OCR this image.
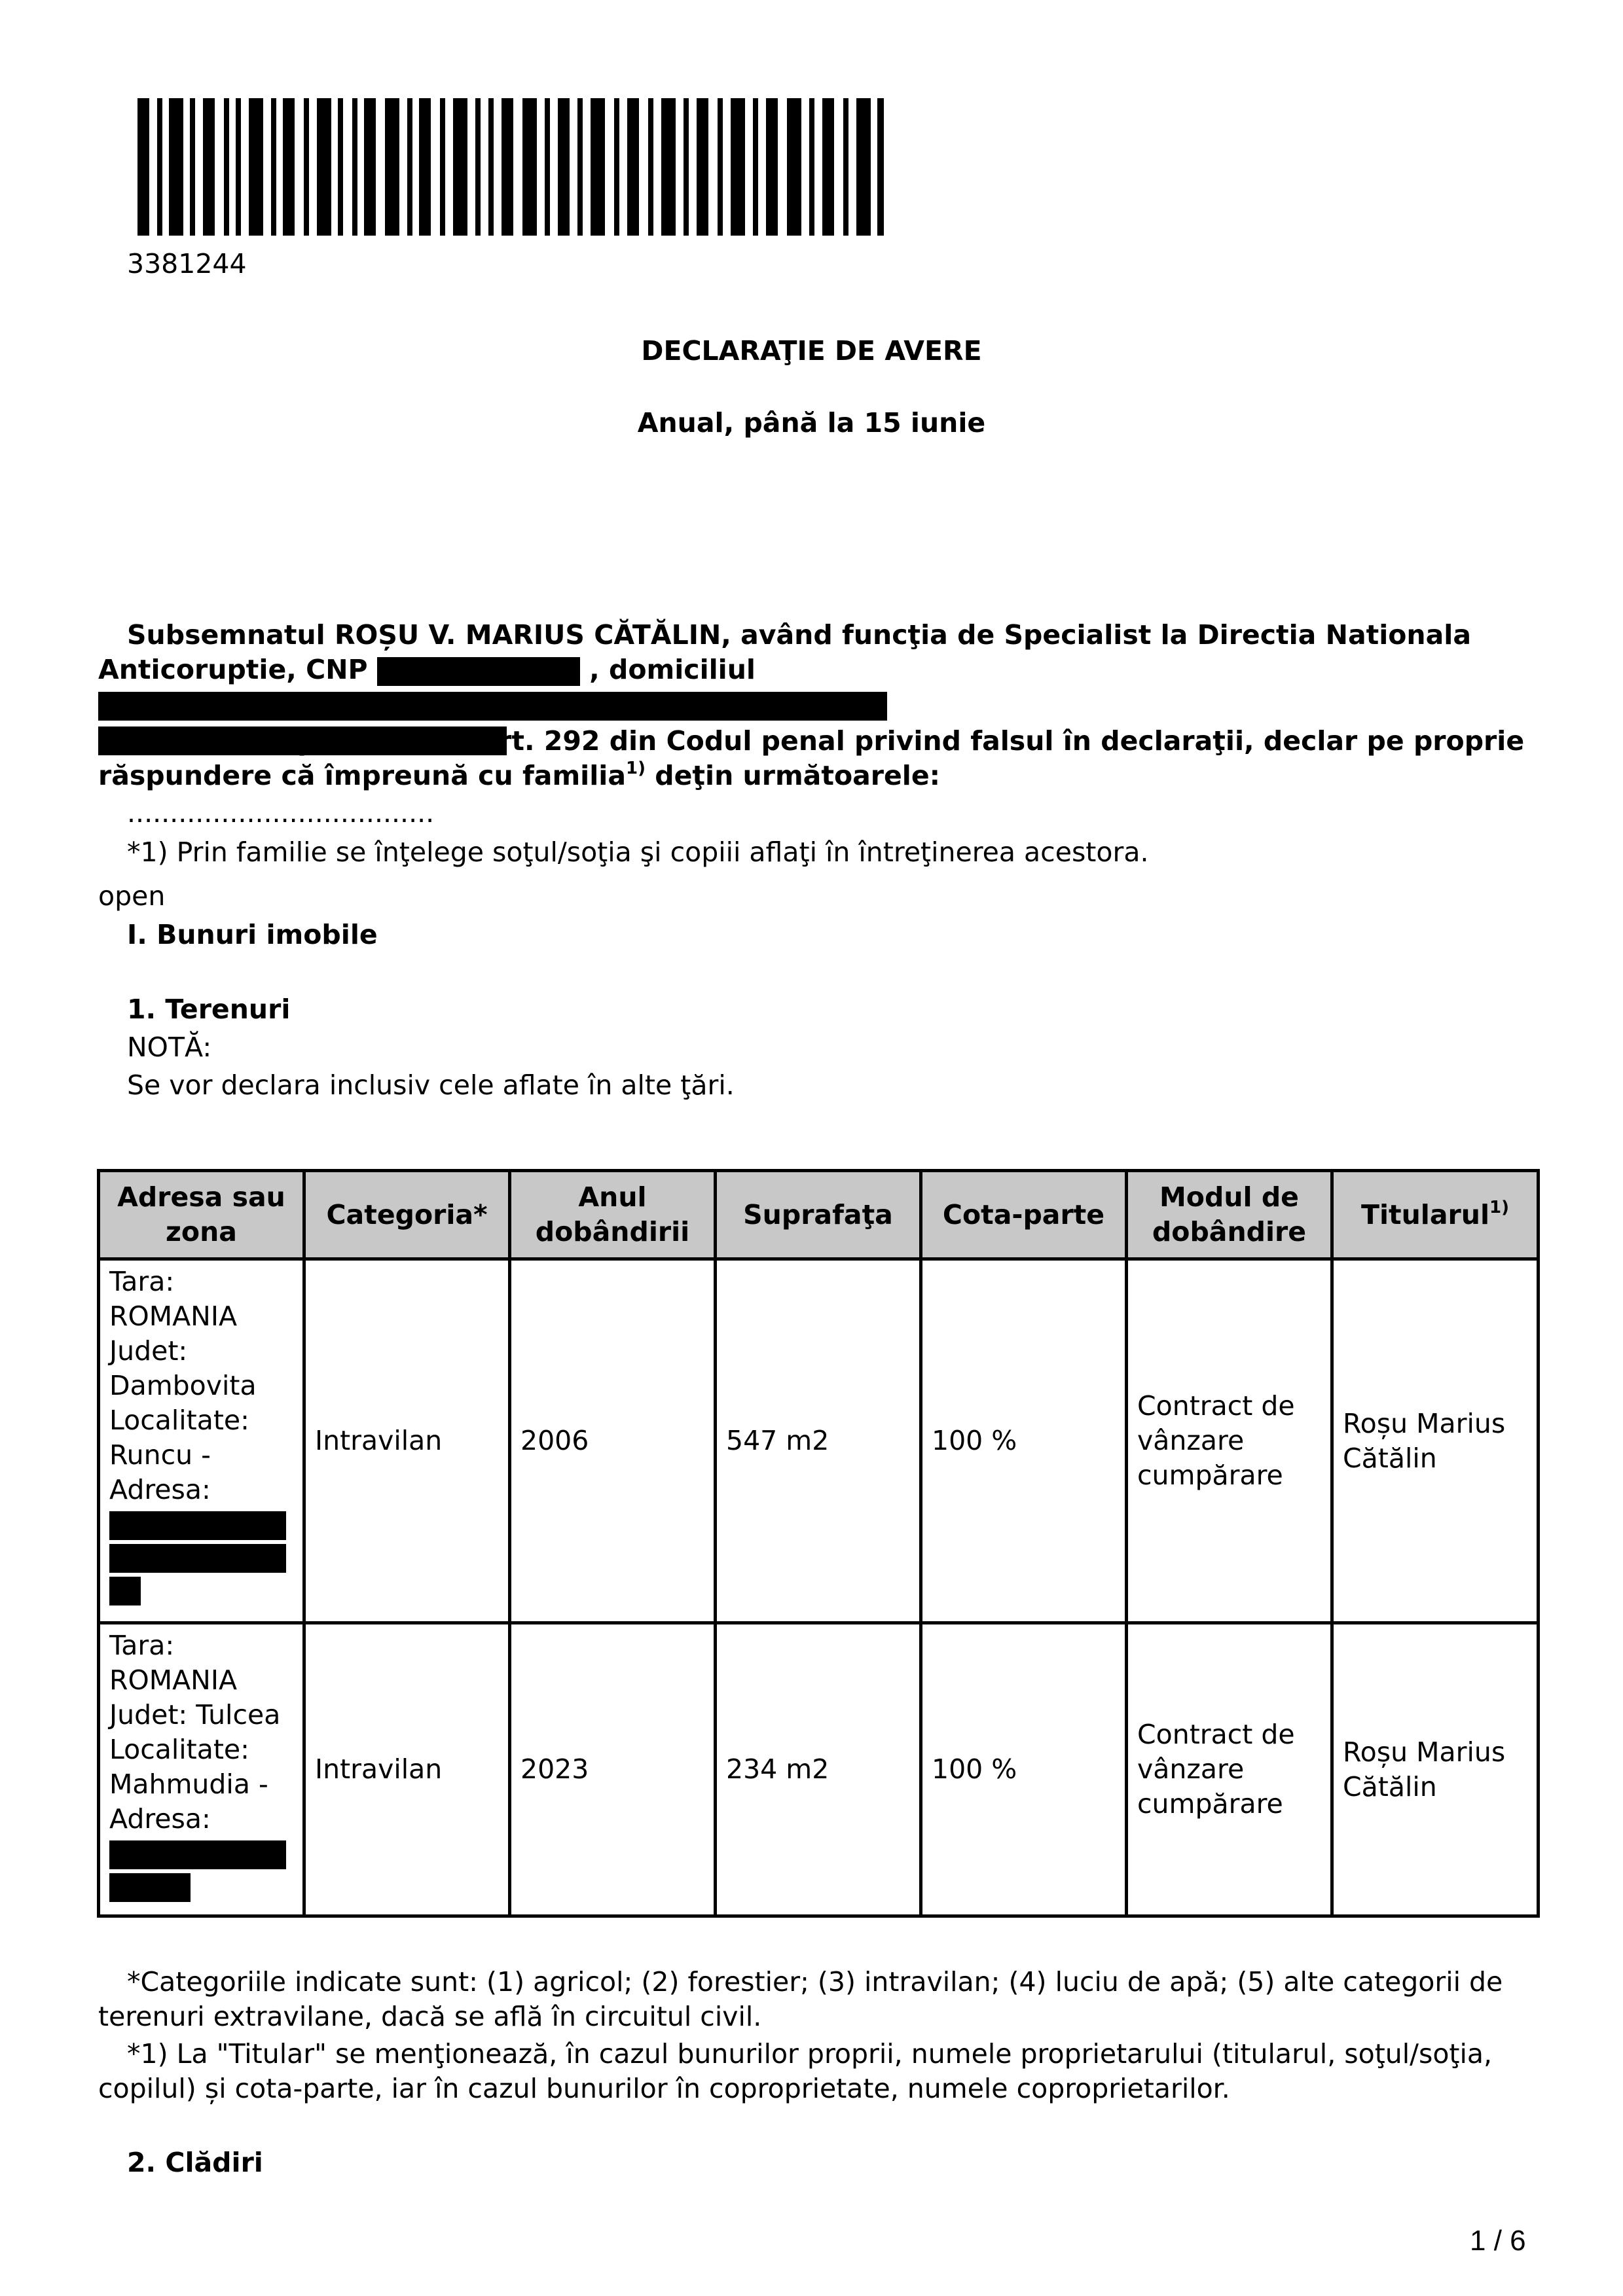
3381244
DECLARAŢIE DE AVERE
Anual, până la 15 iunie
Subsemnatul ROȘU V. MARIUS CĂTĂLIN, având funcţia de Specialist la Directia Nationala
Anticoruptie, CNP	, domiciliul
cunoscând prevederile art. 292 din Codul penal privind falsul în declaraţii, declar pe proprie
răspundere că împreună cu familia$^{1)}$ deţin următoarele:
....................................
*1) Prin familie se înţelege soţul/soţia şi copiii aflaţi în întreţinerea acestora.
open
I. Bunuri imobile
1. Terenuri
NOTĂ:
Se vor declara inclusiv cele aflate în alte ţări.
Adresa sau zona	Categoria*	Anul dobândirii	Suprafaţa	Cota-parte	Modul de dobândire	Titularul$^{1)}$
Tara: ROMANIA Judet: Dambovita Localitate: Runcu - Adresa:	Intravilan	2006	547 m2	100 %	Contract de vânzare cumpărare	Roșu Marius Cătălin
Tara: ROMANIA Judet: Tulcea Localitate: Mahmudia - Adresa:	Intravilan	2023	234 m2	100 %	Contract de vânzare cumpărare	Roșu Marius Cătălin
*Categoriile indicate sunt: (1) agricol; (2) forestier; (3) intravilan; (4) luciu de apă; (5) alte categorii de
terenuri extravilane, dacă se află în circuitul civil.
*1) La "Titular" se menţionează, în cazul bunurilor proprii, numele proprietarului (titularul, soţul/soţia,
copilul) și cota-parte, iar în cazul bunurilor în coproprietate, numele coproprietarilor.
2. Clădiri
1 / 6
